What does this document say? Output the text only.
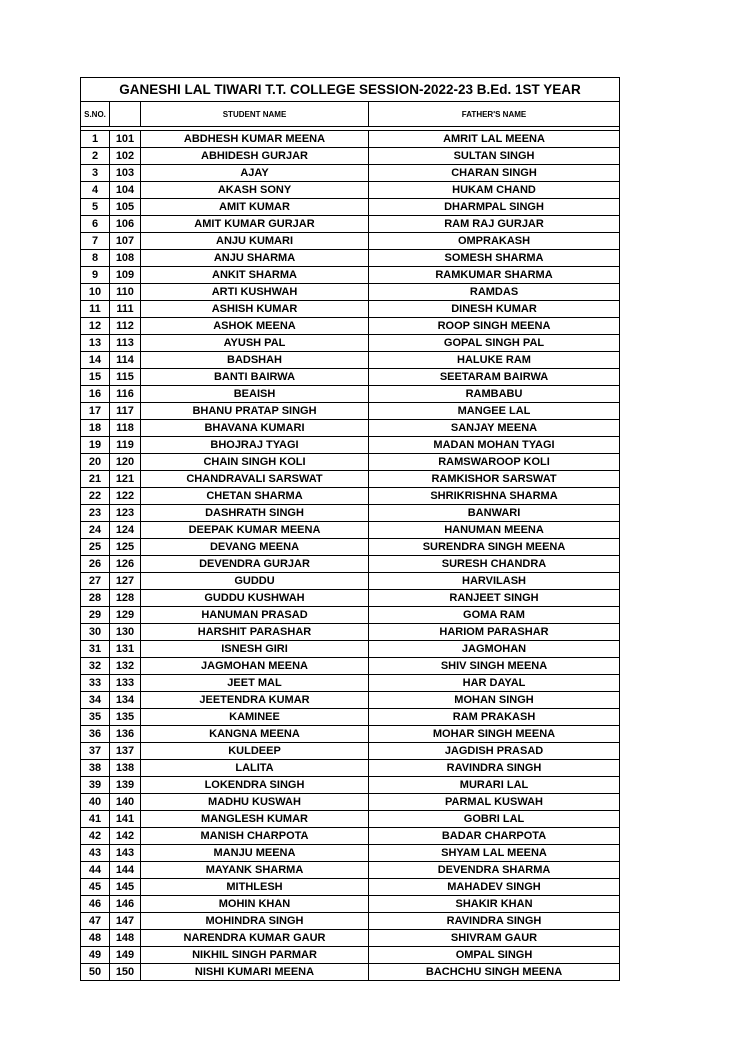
GANESHI LAL TIWARI T.T. COLLEGE SESSION-2022-23 B.Ed. 1ST YEAR			
S.NO.		STUDENT NAME	FATHER'S NAME

1	101	ABDHESH KUMAR MEENA	AMRIT LAL MEENA
2	102	ABHIDESH GURJAR	SULTAN SINGH
3	103	AJAY	CHARAN SINGH
4	104	AKASH SONY	HUKAM CHAND
5	105	AMIT KUMAR	DHARMPAL SINGH
6	106	AMIT KUMAR GURJAR	RAM RAJ GURJAR
7	107	ANJU KUMARI	OMPRAKASH
8	108	ANJU SHARMA	SOMESH SHARMA
9	109	ANKIT SHARMA	RAMKUMAR SHARMA
10	110	ARTI KUSHWAH	RAMDAS
11	111	ASHISH KUMAR	DINESH KUMAR
12	112	ASHOK MEENA	ROOP SINGH MEENA
13	113	AYUSH PAL	GOPAL SINGH PAL
14	114	BADSHAH	HALUKE RAM
15	115	BANTI BAIRWA	SEETARAM BAIRWA
16	116	BEAISH	RAMBABU
17	117	BHANU PRATAP SINGH	MANGEE LAL
18	118	BHAVANA KUMARI	SANJAY MEENA
19	119	BHOJRAJ TYAGI	MADAN MOHAN TYAGI
20	120	CHAIN SINGH KOLI	RAMSWAROOP KOLI
21	121	CHANDRAVALI SARSWAT	RAMKISHOR SARSWAT
22	122	CHETAN SHARMA	SHRIKRISHNA SHARMA
23	123	DASHRATH SINGH	BANWARI
24	124	DEEPAK KUMAR MEENA	HANUMAN MEENA
25	125	DEVANG MEENA	SURENDRA SINGH MEENA
26	126	DEVENDRA GURJAR	SURESH CHANDRA
27	127	GUDDU	HARVILASH
28	128	GUDDU KUSHWAH	RANJEET SINGH
29	129	HANUMAN PRASAD	GOMA RAM
30	130	HARSHIT PARASHAR	HARIOM PARASHAR
31	131	ISNESH GIRI	JAGMOHAN
32	132	JAGMOHAN MEENA	SHIV SINGH MEENA
33	133	JEET MAL	HAR DAYAL
34	134	JEETENDRA KUMAR	MOHAN SINGH
35	135	KAMINEE	RAM PRAKASH
36	136	KANGNA MEENA	MOHAR SINGH MEENA
37	137	KULDEEP	JAGDISH PRASAD
38	138	LALITA	RAVINDRA SINGH
39	139	LOKENDRA SINGH	MURARI LAL
40	140	MADHU KUSWAH	PARMAL KUSWAH
41	141	MANGLESH KUMAR	GOBRI LAL
42	142	MANISH CHARPOTA	BADAR CHARPOTA
43	143	MANJU MEENA	SHYAM LAL MEENA
44	144	MAYANK SHARMA	DEVENDRA SHARMA
45	145	MITHLESH	MAHADEV SINGH
46	146	MOHIN KHAN	SHAKIR KHAN
47	147	MOHINDRA SINGH	RAVINDRA SINGH
48	148	NARENDRA KUMAR GAUR	SHIVRAM GAUR
49	149	NIKHIL SINGH PARMAR	OMPAL SINGH
50	150	NISHI KUMARI MEENA	BACHCHU SINGH MEENA
